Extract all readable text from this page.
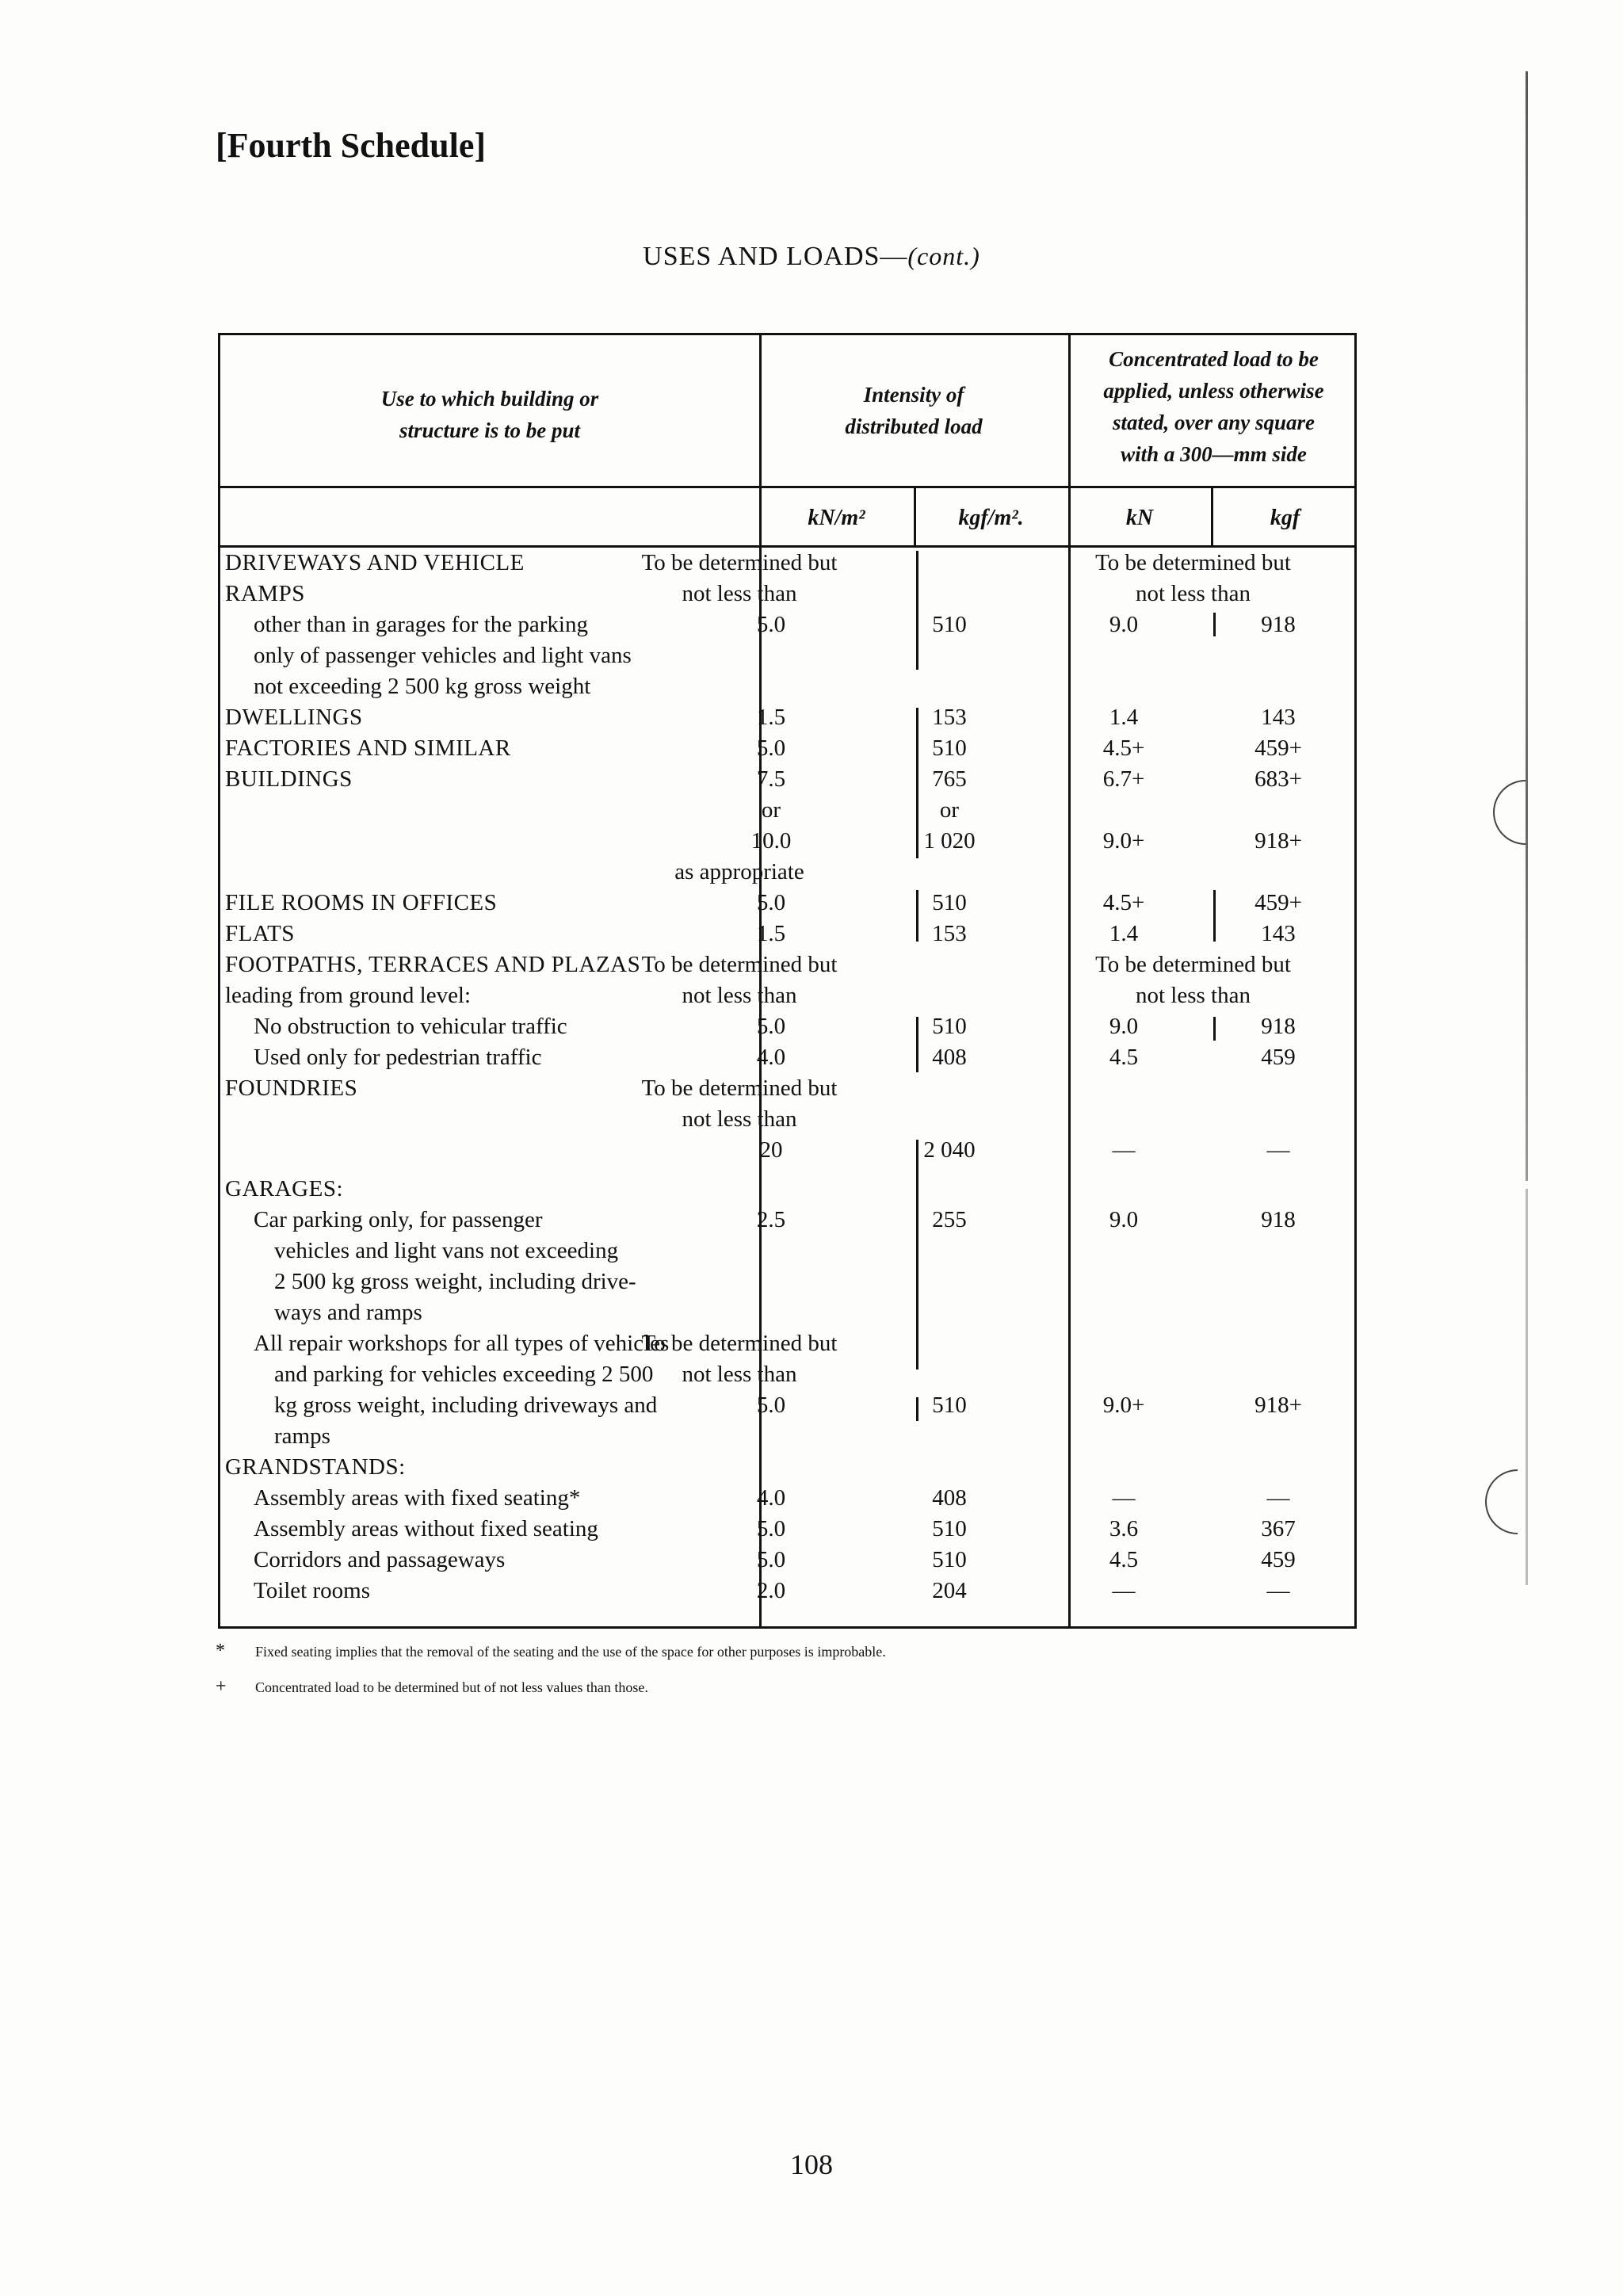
[Fourth Schedule]
USES AND LOADS—(cont.)
Use to which building or
structure is to be put
Intensity of
distributed load
Concentrated load to be
applied, unless otherwise
stated, over any square
with a 300—mm side
kN/m²	kgf/m².	kN	kgf
DRIVEWAYS AND VEHICLE	To be determined but	To be determined but
RAMPS	not less than	not less than
other than in garages for the parking	5.0	510	9.0	918
only of passenger vehicles and light vans
not exceeding 2 500 kg gross weight
DWELLINGS	1.5	153	1.4	143
FACTORIES AND SIMILAR	5.0	510	4.5+	459+
BUILDINGS	7.5	765	6.7+	683+
or	or
10.0	1 020	9.0+	918+
as appropriate
FILE ROOMS IN OFFICES	5.0	510	4.5+	459+
FLATS	1.5	153	1.4	143
FOOTPATHS, TERRACES AND PLAZAS To be determined but	To be determined but
leading from ground level:	not less than	not less than
No obstruction to vehicular traffic	5.0	510	9.0	918
Used only for pedestrian traffic	4.0	408	4.5	459
FOUNDRIES	To be determined but
not less than
20	2 040	—	—
GARAGES:
Car parking only, for passenger	2.5	255	9.0	918
vehicles and light vans not exceeding
2 500 kg gross weight, including drive-
ways and ramps
All repair workshops for all types of vehicles
To be determined but
and parking for vehicles exceeding 2 500	not less than
kg gross weight, including driveways and	5.0	510	9.0+	918+
ramps
GRANDSTANDS:
Assembly areas with fixed seating*	4.0	408	—	—
Assembly areas without fixed seating	5.0	510	3.6	367
Corridors and passageways	5.0	510	4.5	459
Toilet rooms	2.0	204	—	—
* Fixed seating implies that the removal of the seating and the use of the space for other purposes is improbable.
+ Concentrated load to be determined but of not less values than those.
108
